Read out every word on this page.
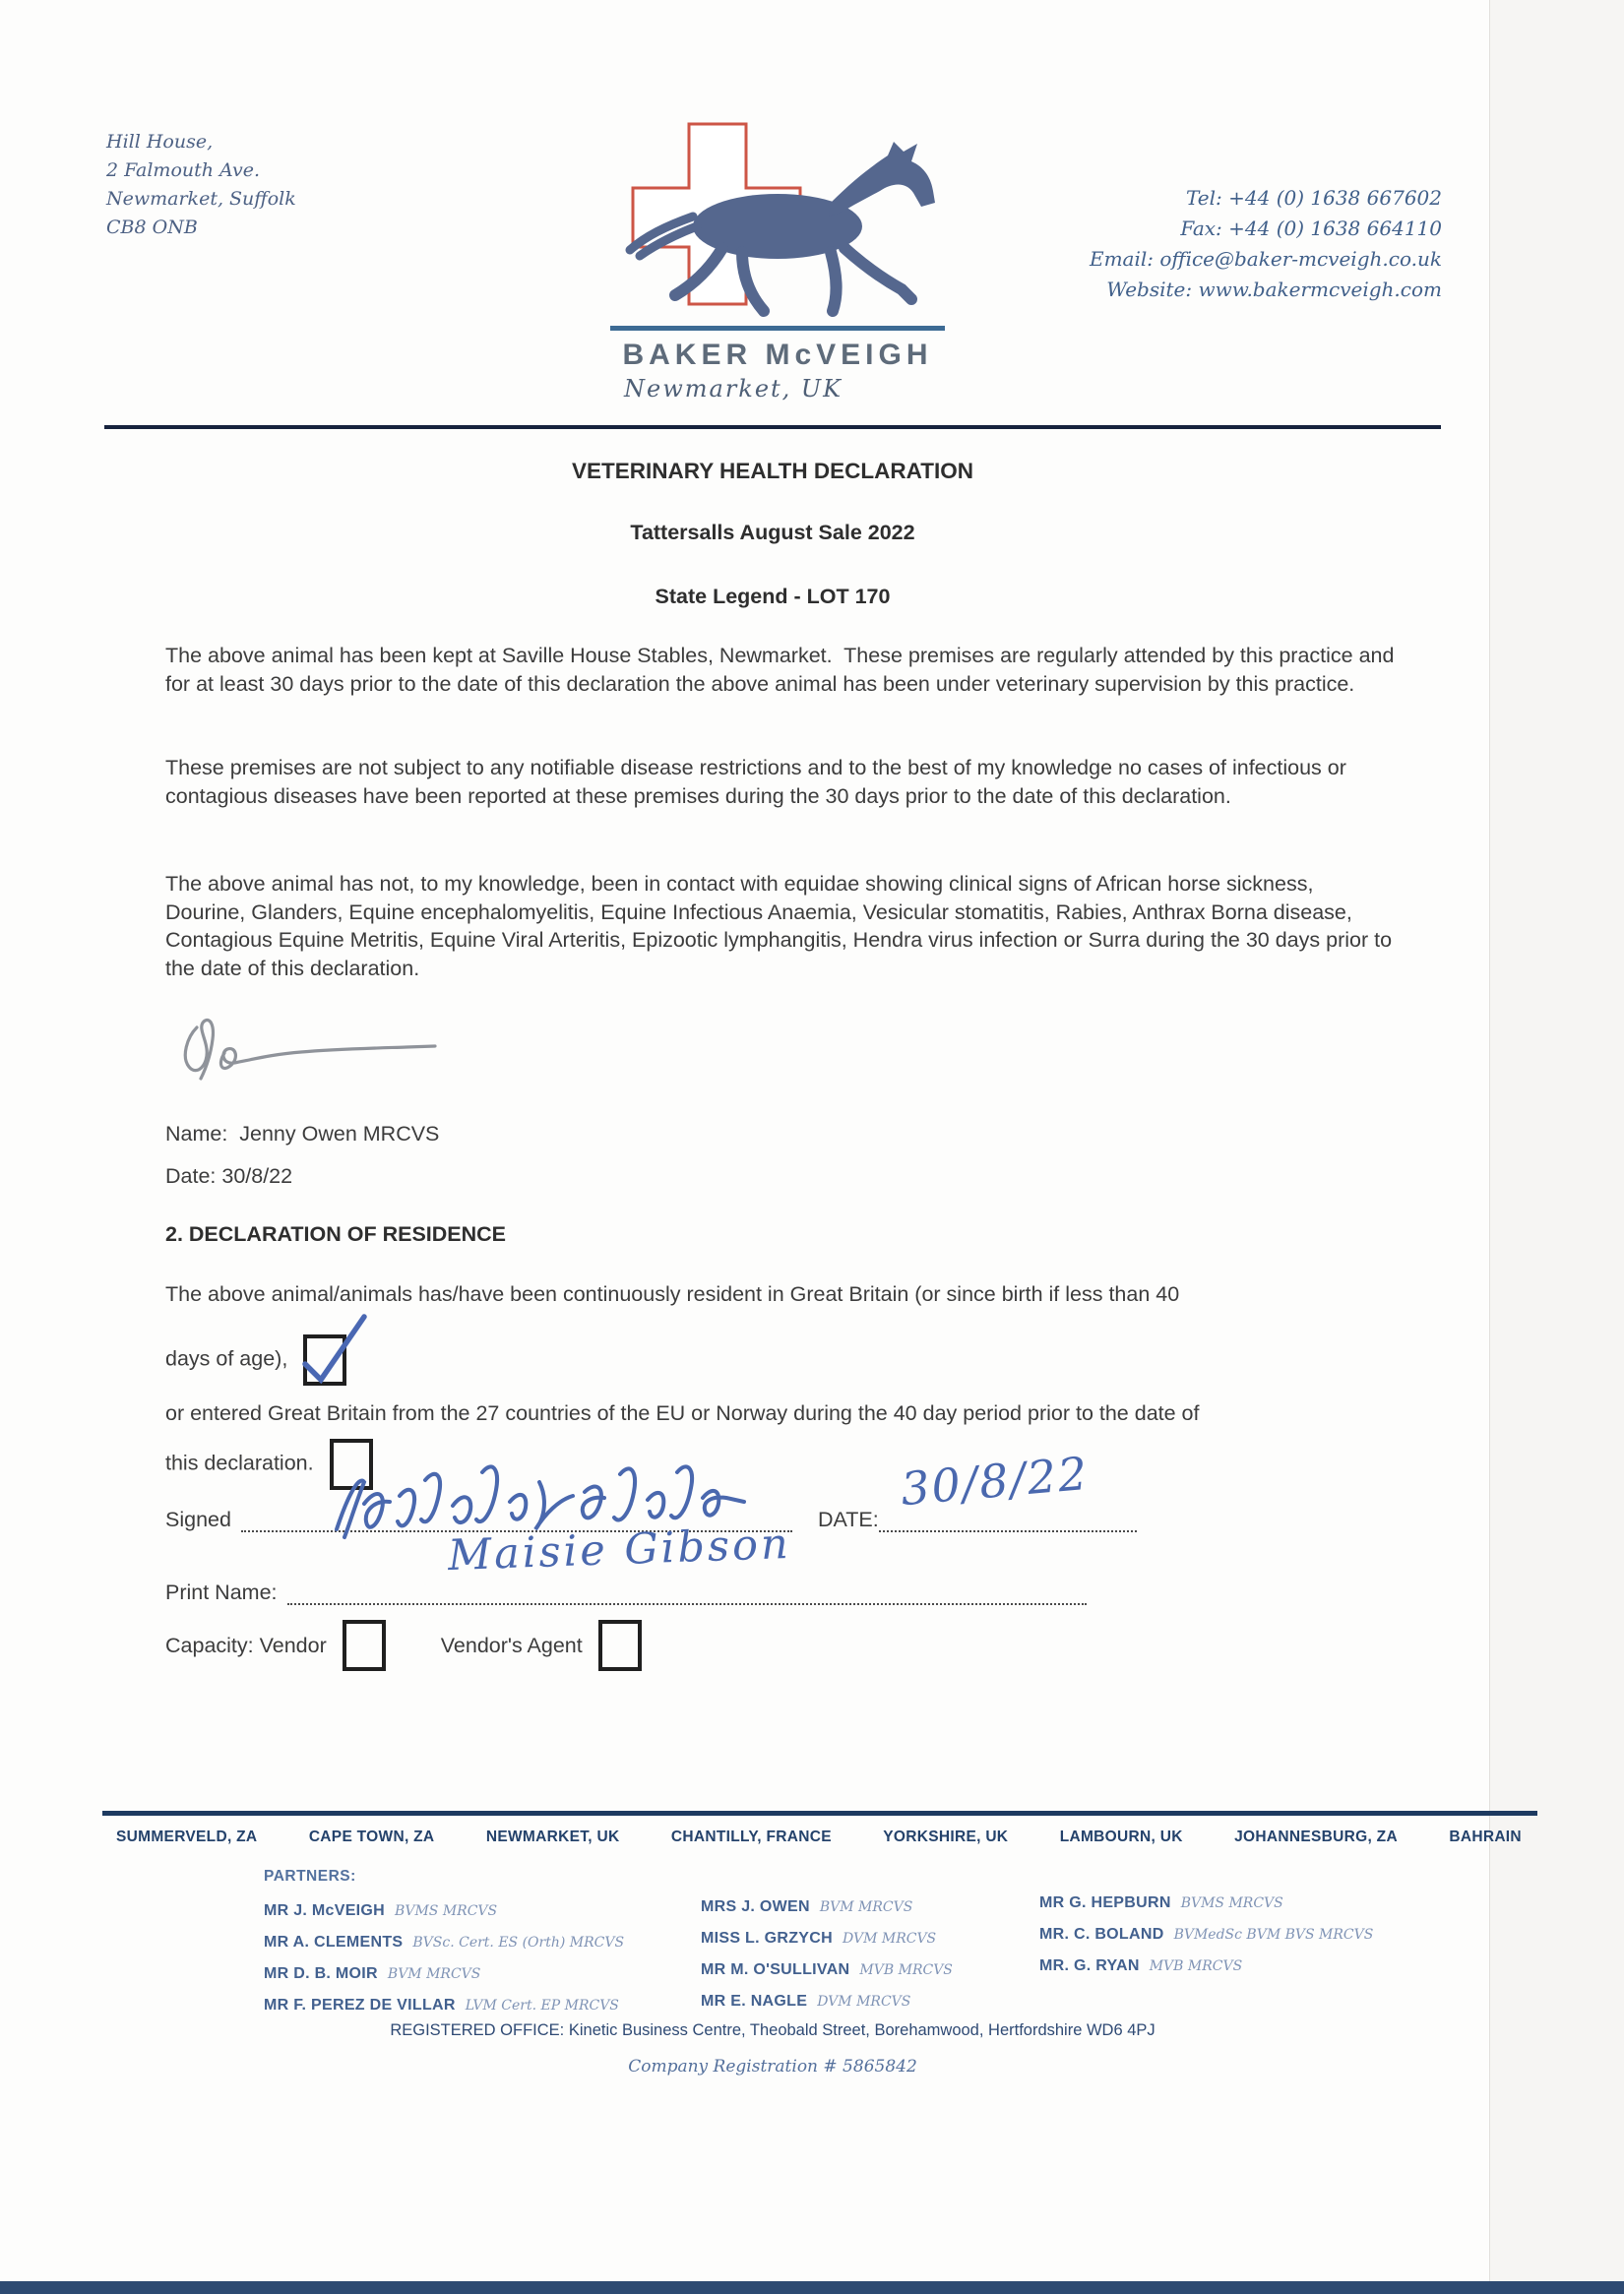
Hill House,
2 Falmouth Ave.
Newmarket, Suffolk
CB8 ONB
BAKER McVEIGH
Newmarket, UK
Tel: +44 (0) 1638 667602
Fax: +44 (0) 1638 664110
Email: office@baker-mcveigh.co.uk
Website: www.bakermcveigh.com
VETERINARY HEALTH DECLARATION
Tattersalls August Sale 2022
State Legend - LOT 170
The above animal has been kept at Saville House Stables, Newmarket.  These premises are regularly attended by this practice and for at least 30 days prior to the date of this declaration the above animal has been under veterinary supervision by this practice.
These premises are not subject to any notifiable disease restrictions and to the best of my knowledge no cases of infectious or contagious diseases have been reported at these premises during the 30 days prior to the date of this declaration.
The above animal has not, to my knowledge, been in contact with equidae showing clinical signs of African horse sickness, Dourine, Glanders, Equine encephalomyelitis, Equine Infectious Anaemia, Vesicular stomatitis, Rabies, Anthrax Borna disease, Contagious Equine Metritis, Equine Viral Arteritis, Epizootic lymphangitis, Hendra virus infection or Surra during the 30 days prior to the date of this declaration.
Name:  Jenny Owen MRCVS
Date: 30/8/22
2. DECLARATION OF RESIDENCE
The above animal/animals has/have been continuously resident in Great Britain (or since birth if less than 40
days of age),
or entered Great Britain from the 27 countries of the EU or Norway during the 40 day period prior to the date of
this declaration.
Signed	DATE:
30/8/22
Print Name:
Maisie Gibson
Capacity: Vendor	Vendor's Agent
SUMMERVELD, ZA	CAPE TOWN, ZA	NEWMARKET, UK	CHANTILLY, FRANCE	YORKSHIRE, UK	LAMBOURN, UK	JOHANNESBURG, ZA	BAHRAIN
PARTNERS:
MR J. McVEIGH BVMS MRCVS
MR A. CLEMENTS BVSc. Cert. ES (Orth) MRCVS
MR D. B. MOIR BVM MRCVS
MR F. PEREZ DE VILLAR LVM Cert. EP MRCVS
MRS J. OWEN BVM MRCVS
MISS L. GRZYCH DVM MRCVS
MR M. O'SULLIVAN MVB MRCVS
MR E. NAGLE DVM MRCVS
MR G. HEPBURN BVMS MRCVS
MR. C. BOLAND BVMedSc BVM BVS MRCVS
MR. G. RYAN MVB MRCVS
REGISTERED OFFICE: Kinetic Business Centre, Theobald Street, Borehamwood, Hertfordshire WD6 4PJ
Company Registration # 5865842
